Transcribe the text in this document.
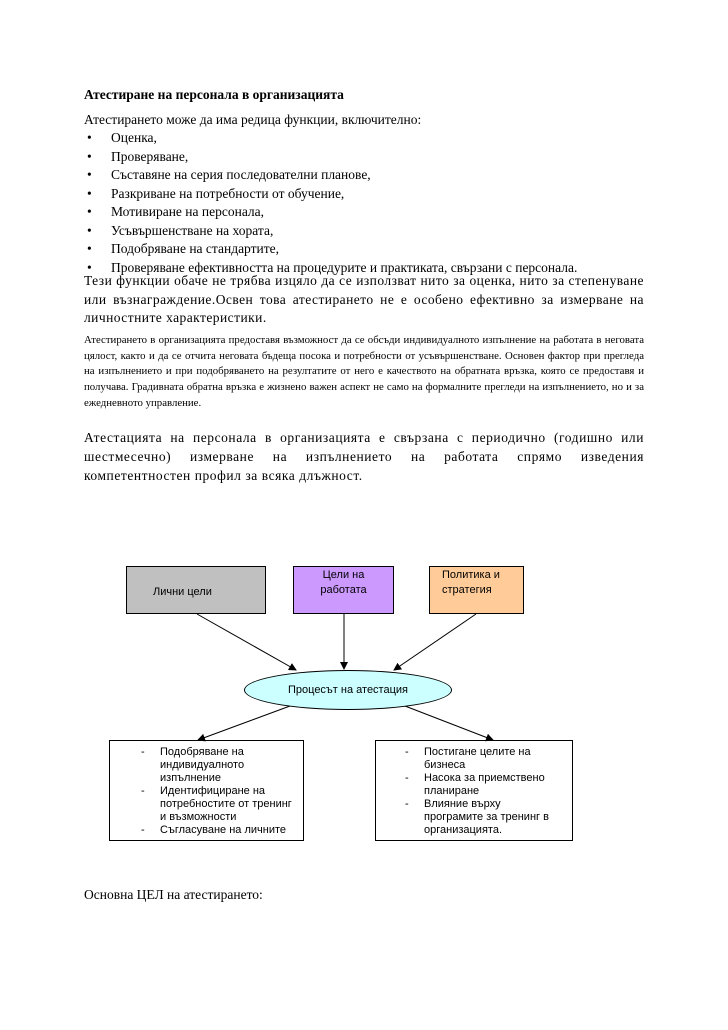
Атестиране на персонала в организацията
Атестирането може да има редица функции, включително:
• Оценка,
• Проверяване,
• Съставяне на серия последователни планове,
• Разкриване на потребности от обучение,
• Мотивиране на персонала,
• Усъвършенстване на хората,
• Подобряване на стандартите,
• Проверяване ефективността на процедурите и практиката, свързани с персонала.

Тези функции обаче не трябва изцяло да се използват нито за оценка, нито за степенуване или възнаграждение.Освен това атестирането не е особено ефективно за измерване на личностните характеристики.

Атестирането в организацията предоставя възможност да се обсъди индивидуалното изпълнение на работата в неговата цялост, както и да се отчита неговата бъдеща посока и потребности от усъвършенстване. Основен фактор при прегледа на изпълнението и при подобряването на резултатите от него е качеството на обратната връзка, която се предоставя и получава. Градивната обратна връзка е жизнено важен аспект не само на формалните прегледи на изпълнението, но и за ежедневното управление.

Атестацията на персонала в организацията е свързана с периодично (годишно или шестмесечно) измерване на изпълнението на работата спрямо изведения компетентностен профил за всяка длъжност.

Лични цели
Цели на
работата
Политика и
стратегия
Процесът на атестация
- Подобряване на
индивидуалното
изпълнение
- Идентифициране на
потребностите от тренинг
и възможности
- Съгласуване на личните
- Постигане целите на
бизнеса
- Насока за приемствено
планиране
- Влияние върху
програмите за тренинг в
организацията.
Основна ЦЕЛ на атестирането:
